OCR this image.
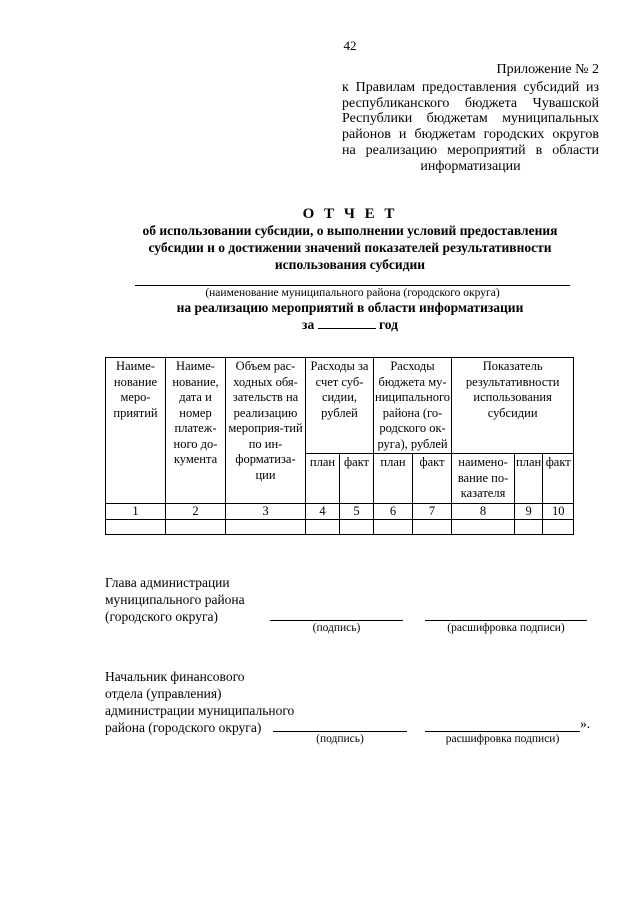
42
Приложение № 2
к Правилам предоставления субсидий из
республиканского бюджета Чувашской
Республики бюджетам муниципальных
районов и бюджетам городских округов
на реализацию мероприятий в области
информатизации
О Т Ч Е Т
об использовании субсидии, о выполнении условий предоставления
субсидии и о достижении значений показателей результативности
использования субсидии
(наименование муниципального района (городского округа)
на реализацию мероприятий в области информатизации
за	год
Наиме-нование меро-приятий	Наиме-нование, дата и номер платеж-ного до-кумента	Объем рас-ходных обя-зательств на реализацию мероприя-тий по ин-форматиза-ции	Расходы за счет суб-сидии, рублей		Расходы бюджета му-ниципального района (го-родского ок-руга), рублей		Показатель результативности использования субсидии		
			план	факт	план	факт	наимено-вание по-казателя	план	факт
1	2	3	4	5	6	7	8	9	10

Глава администрации
муниципального района
(городского округа)
(подпись)	(расшифровка подписи)
Начальник финансового
отдела (управления)
администрации муниципального
района (городского округа)
(подпись)	расшифровка подписи)
».
